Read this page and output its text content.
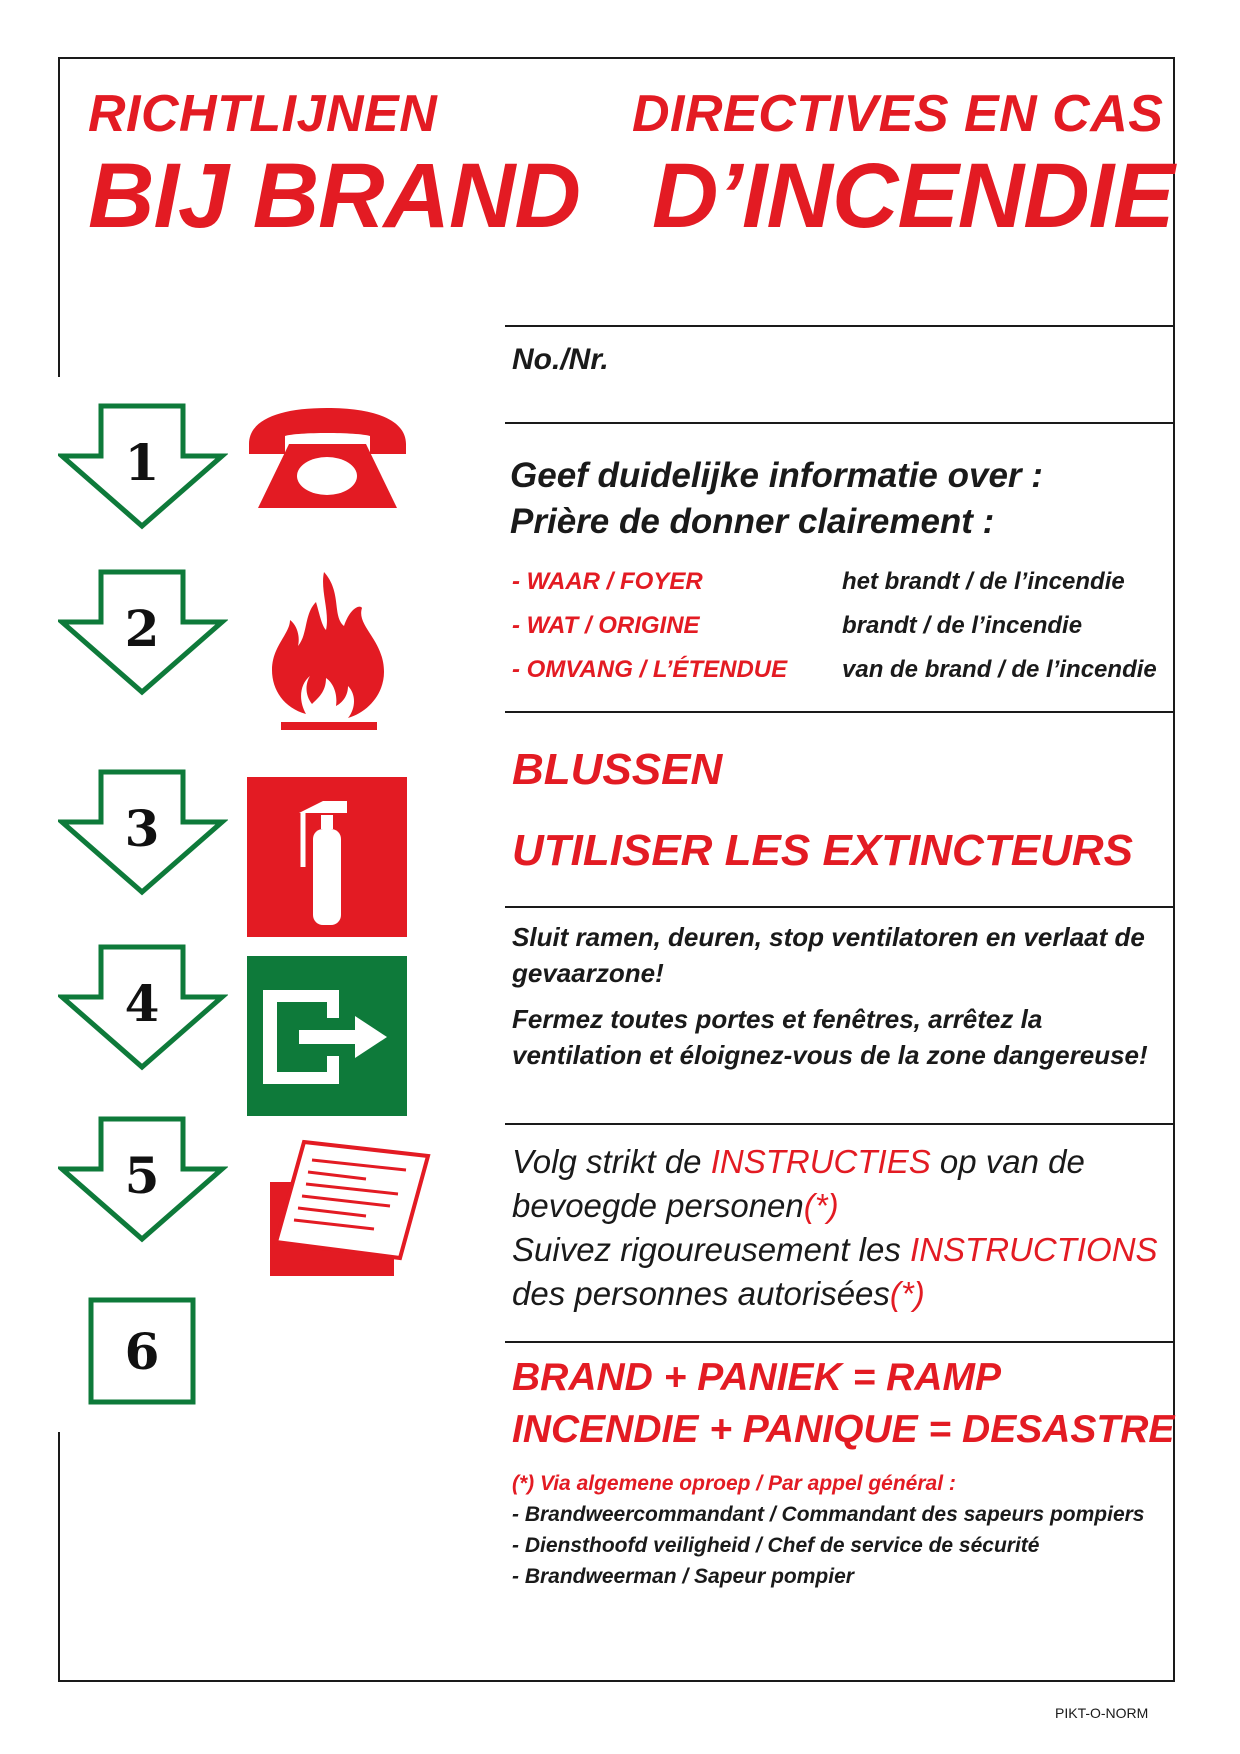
RICHTLIJNEN
BIJ BRAND
DIRECTIVES EN CAS
D’INCENDIE
No./Nr.
1
2
3
4
5
6
Geef duidelijke informatie over :
Prière de donner clairement :
- WAAR / FOYER	het brandt / de l’incendie
- WAT / ORIGINE	brandt / de l’incendie
- OMVANG / L’ÉTENDUE van de brand / de l’incendie
BLUSSEN
UTILISER LES EXTINCTEURS
Sluit ramen, deuren, stop ventilatoren en verlaat de gevaarzone!
Fermez toutes portes et fenêtres, arrêtez la ventilation et éloignez-vous de la zone dangereuse!
Volg strikt de INSTRUCTIES op van de
bevoegde personen(*)
Suivez rigoureusement les INSTRUCTIONS
des personnes autorisées(*)
BRAND + PANIEK = RAMP
INCENDIE + PANIQUE = DESASTRE
(*) Via algemene oproep / Par appel général :
- Brandweercommandant / Commandant des sapeurs pompiers
- Diensthoofd veiligheid / Chef de service de sécurité
- Brandweerman / Sapeur pompier
PIKT-O-NORM
